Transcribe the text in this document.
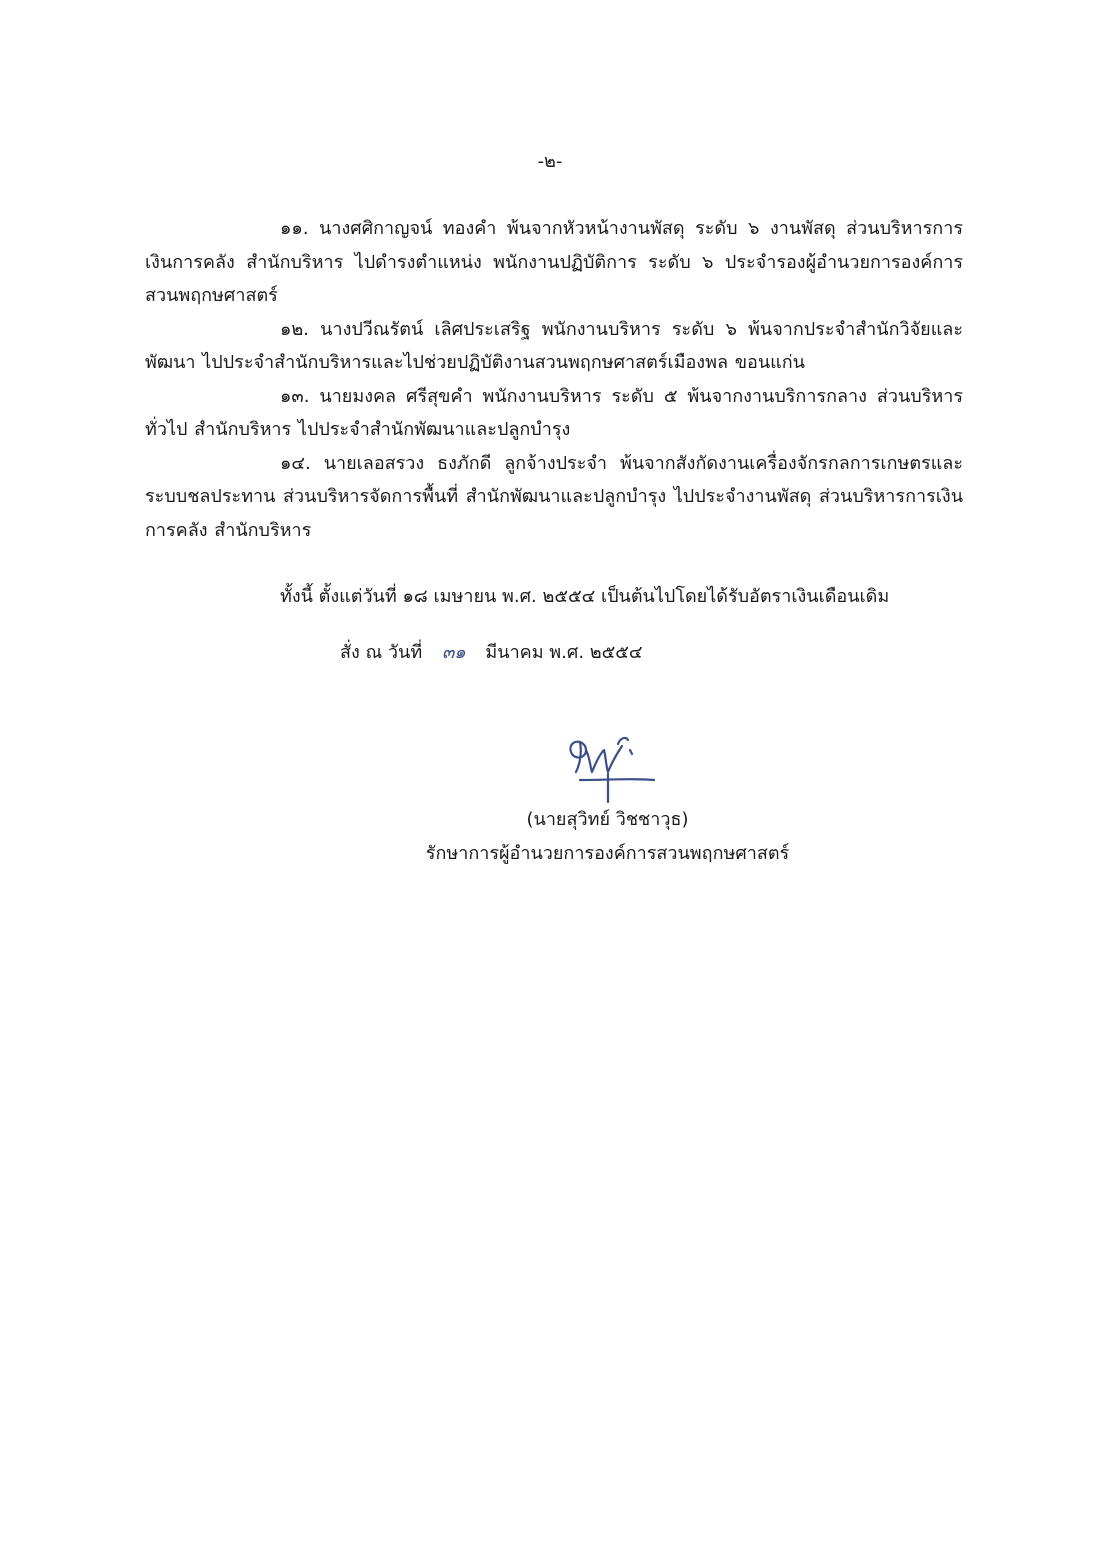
-๒-

๑๑. นางศศิกาญจน์ ทองคำ พ้นจากหัวหน้างานพัสดุ ระดับ ๖ งานพัสดุ ส่วนบริหารการเงินการคลัง สำนักบริหาร ไปดำรงตำแหน่ง พนักงานปฏิบัติการ ระดับ ๖ ประจำรองผู้อำนวยการองค์การสวนพฤกษศาสตร์

๑๒. นางปวีณรัตน์ เลิศประเสริฐ พนักงานบริหาร ระดับ ๖ พ้นจากประจำสำนักวิจัยและพัฒนา ไปประจำสำนักบริหารและไปช่วยปฏิบัติงานสวนพฤกษศาสตร์เมืองพล ขอนแก่น

๑๓. นายมงคล ศรีสุขคำ พนักงานบริหาร ระดับ ๕ พ้นจากงานบริการกลาง ส่วนบริหารทั่วไป สำนักบริหาร ไปประจำสำนักพัฒนาและปลูกบำรุง

๑๔. นายเลอสรวง ธงภักดี ลูกจ้างประจำ พ้นจากสังกัดงานเครื่องจักรกลการเกษตรและระบบชลประทาน ส่วนบริหารจัดการพื้นที่ สำนักพัฒนาและปลูกบำรุง ไปประจำงานพัสดุ ส่วนบริหารการเงินการคลัง สำนักบริหาร

ทั้งนี้ ตั้งแต่วันที่ ๑๘ เมษายน พ.ศ. ๒๕๕๔ เป็นต้นไปโดยได้รับอัตราเงินเดือนเดิม
สั่ง ณ วันที่ ๓๑ มีนาคม พ.ศ. ๒๕๕๔
(นายสุวิทย์ วิชชาวุธ)
รักษาการผู้อำนวยการองค์การสวนพฤกษศาสตร์
